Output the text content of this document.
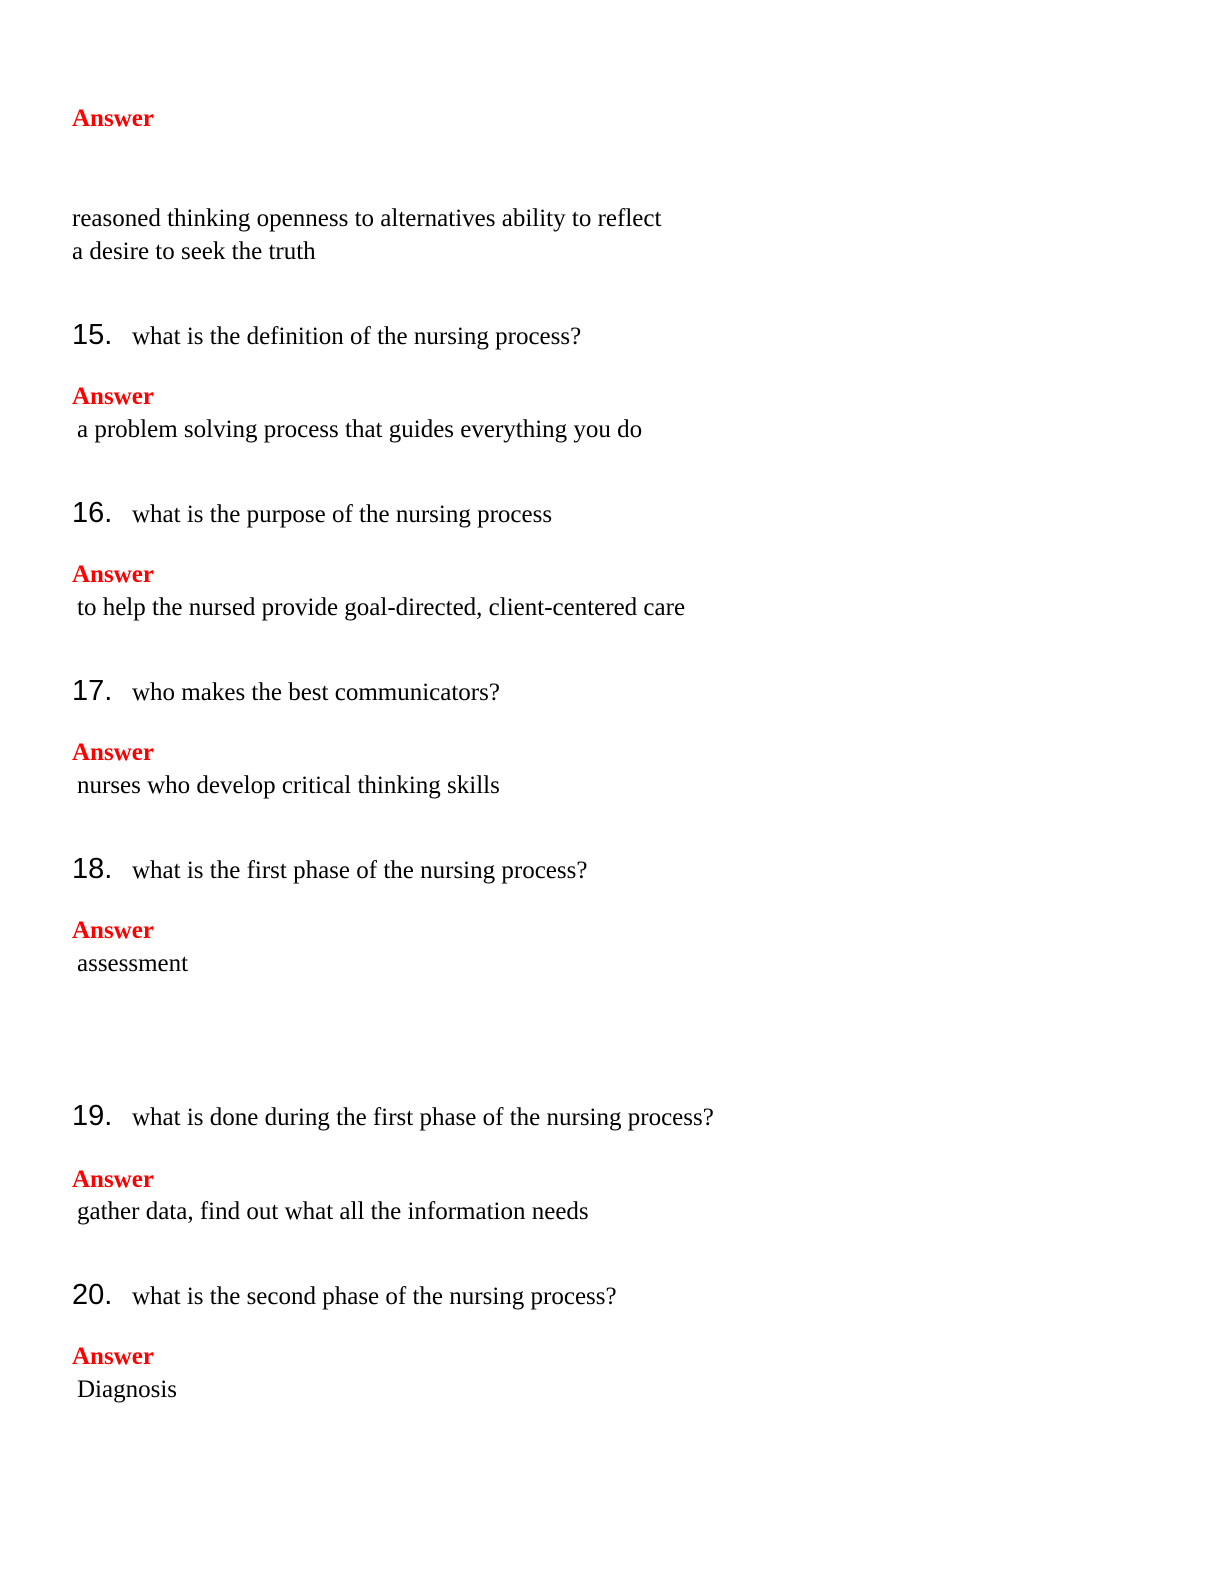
Answer
reasoned thinking openness to alternatives ability to reflect
a desire to seek the truth
15. what is the definition of the nursing process?
Answer
a problem solving process that guides everything you do
16. what is the purpose of the nursing process
Answer
to help the nursed provide goal-directed, client-centered care
17. who makes the best communicators?
Answer
nurses who develop critical thinking skills
18. what is the first phase of the nursing process?
Answer
assessment
19. what is done during the first phase of the nursing process?
Answer
gather data, find out what all the information needs
20. what is the second phase of the nursing process?
Answer
Diagnosis
